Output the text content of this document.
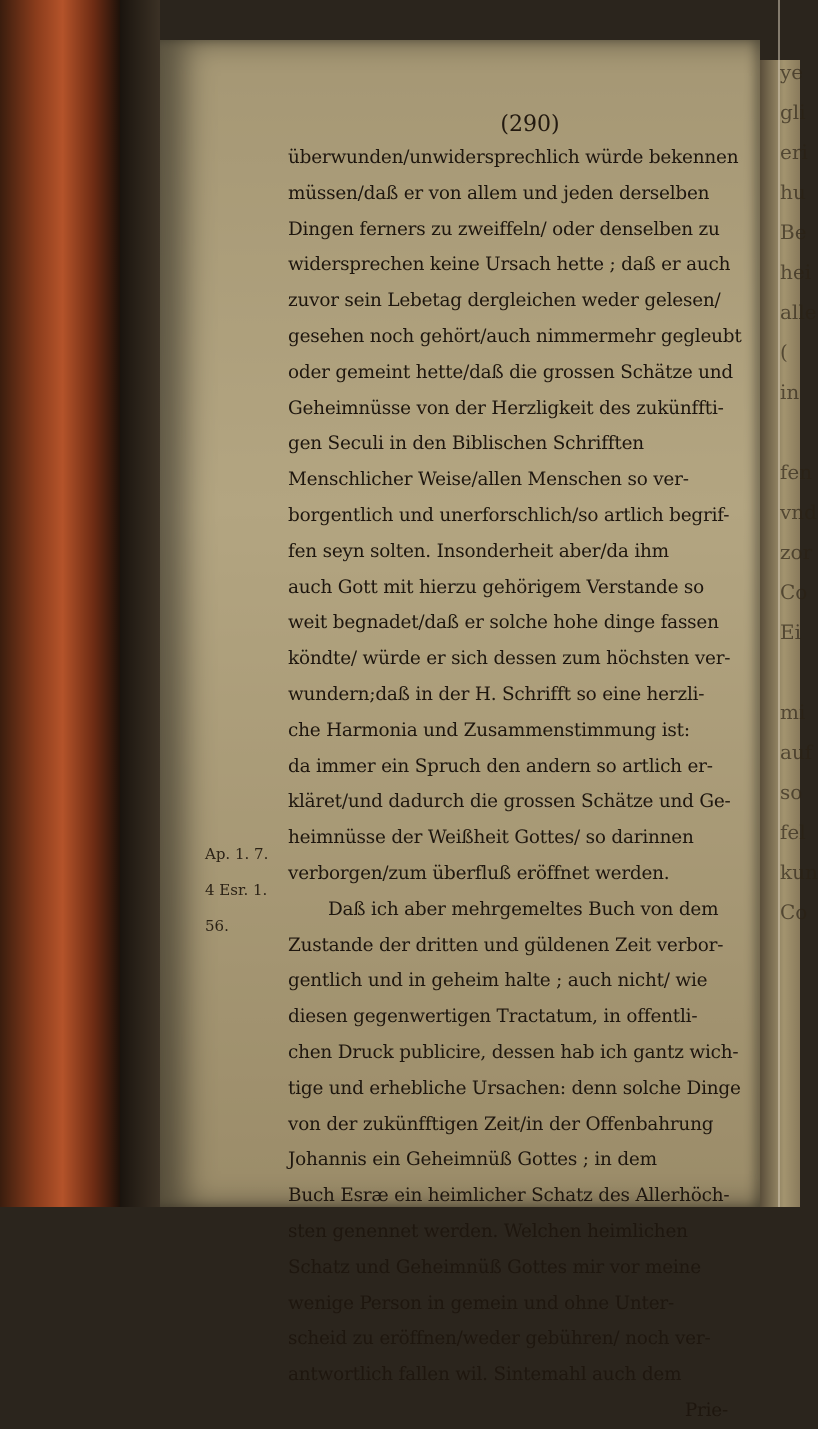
ye
gli
eri
hu
Be
hei
alle
(
in
fen
vnd
zor
Co
Ei
mi
auf
so
fel
kun
Co
(290)
überwunden/unwidersprechlich würde bekennen
müssen/daß er von allem und jeden derselben
Dingen ferners zu zweiffeln/ oder denselben zu
widersprechen keine Ursach hette ; daß er auch
zuvor sein Lebetag dergleichen weder gelesen/
gesehen noch gehört/auch nimmermehr gegleubt
oder gemeint hette/daß die grossen Schätze und
Geheimnüsse von der Herzligkeit des zukünffti-
gen Seculi in den Biblischen Schrifften
Menschlicher Weise/allen Menschen so ver-
borgentlich und unerforschlich/so artlich begrif-
fen seyn solten. Insonderheit aber/da ihm
auch Gott mit hierzu gehörigem Verstande so
weit begnadet/daß er solche hohe dinge fassen
köndte/ würde er sich dessen zum höchsten ver-
wundern;daß in der H. Schrifft so eine herzli-
che Harmonia und Zusammenstimmung ist:
da immer ein Spruch den andern so artlich er-
kläret/und dadurch die grossen Schätze und Ge-
heimnüsse der Weißheit Gottes/ so darinnen
verborgen/zum überfluß eröffnet werden.
Daß ich aber mehrgemeltes Buch von dem
Zustande der dritten und güldenen Zeit verbor-
gentlich und in geheim halte ; auch nicht/ wie
diesen gegenwertigen Tractatum, in offentli-
chen Druck publicire, dessen hab ich gantz wich-
tige und erhebliche Ursachen: denn solche Dinge
von der zukünfftigen Zeit/in der Offenbahrung
Johannis ein Geheimnüß Gottes ; in dem
Buch Esræ ein heimlicher Schatz des Allerhöch-
sten genennet werden. Welchen heimlichen
Schatz und Geheimnüß Gottes mir vor meine
wenige Person in gemein und ohne Unter-
scheid zu eröffnen/weder gebühren/ noch ver-
antwortlich fallen wil. Sintemahl auch dem
Prie-
Ap. 1. 7.
4 Esr. 1.
56.
